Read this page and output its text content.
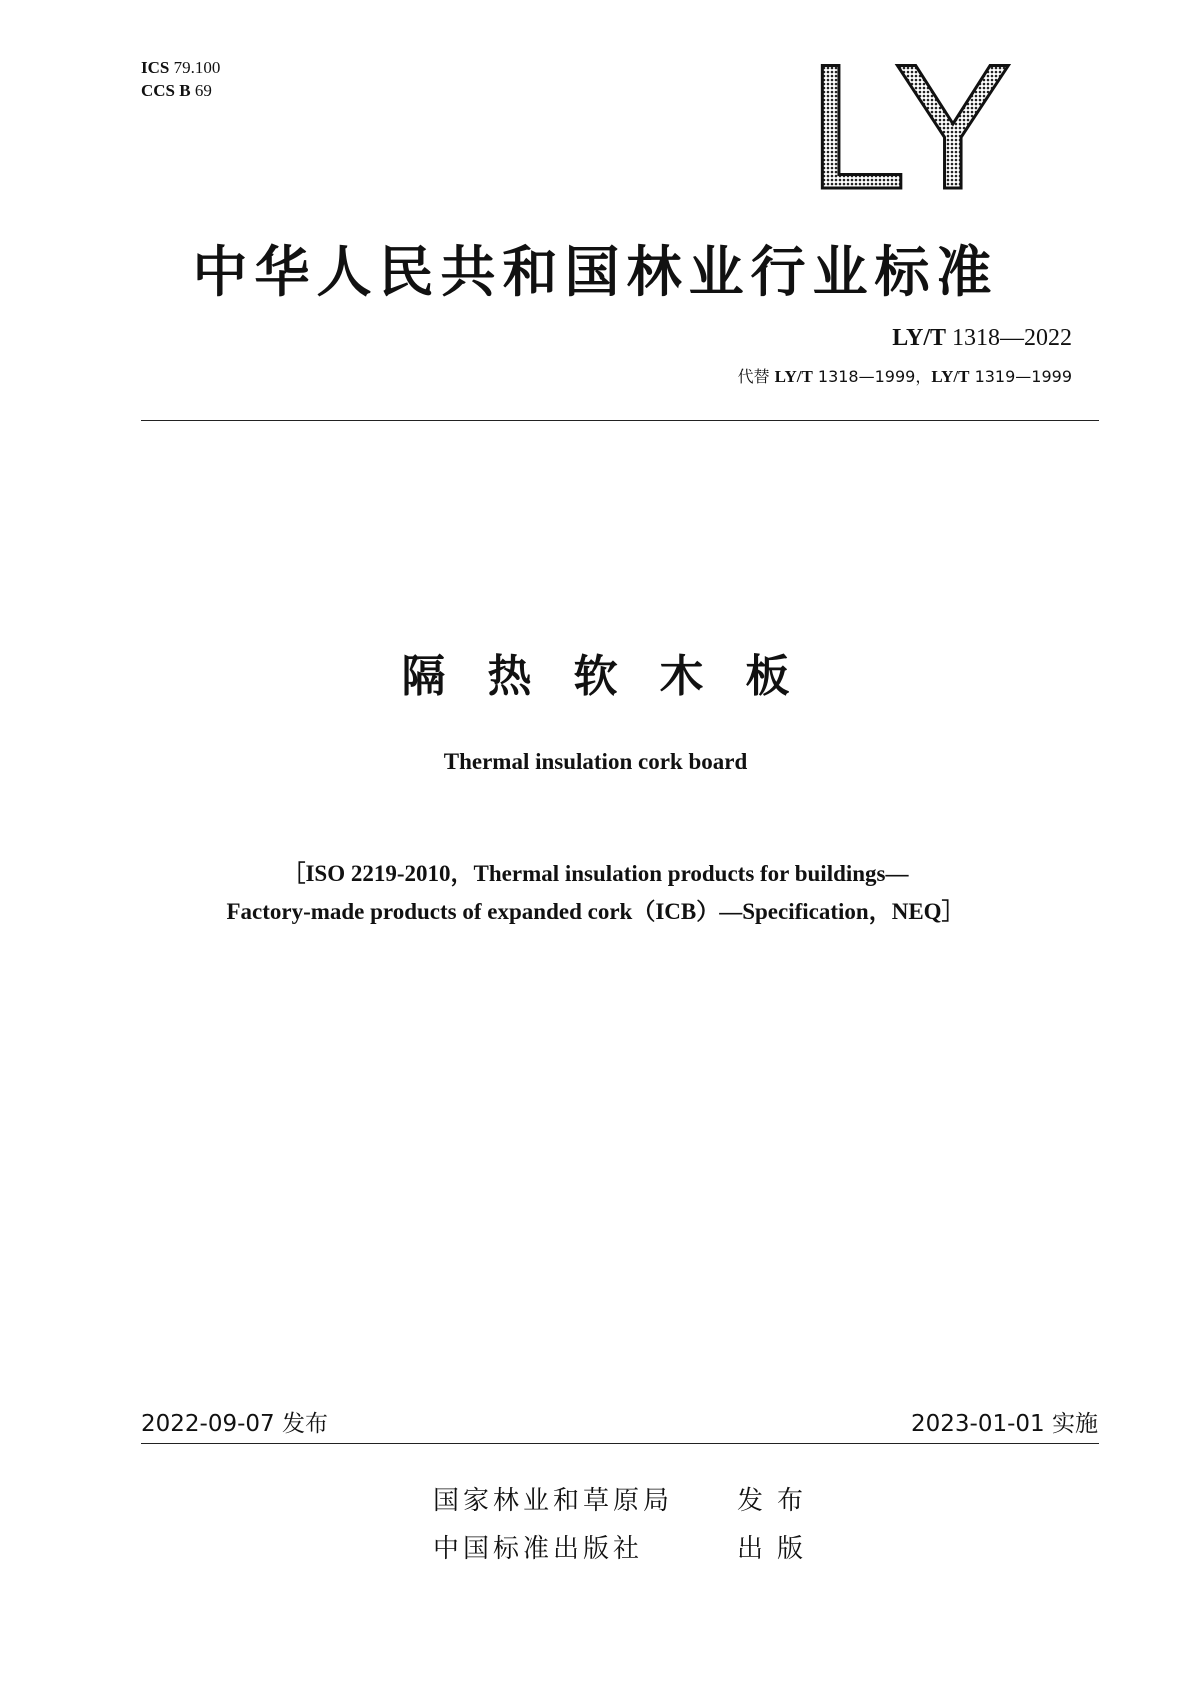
ICS 79.100
CCS B 69	LY
中华人民共和国林业行业标准
LY/T 1318—2022
代替 LY/T 1318—1999，LY/T 1319—1999
隔热软木板
Thermal insulation cork board
［ISO 2219-2010，Thermal insulation products for buildings—
Factory-made products of expanded cork（ICB）—Specification，NEQ］
2022-09-07 发布	2023-01-01 实施
国家林业和草原局
中国标准出版社
发布
出版
